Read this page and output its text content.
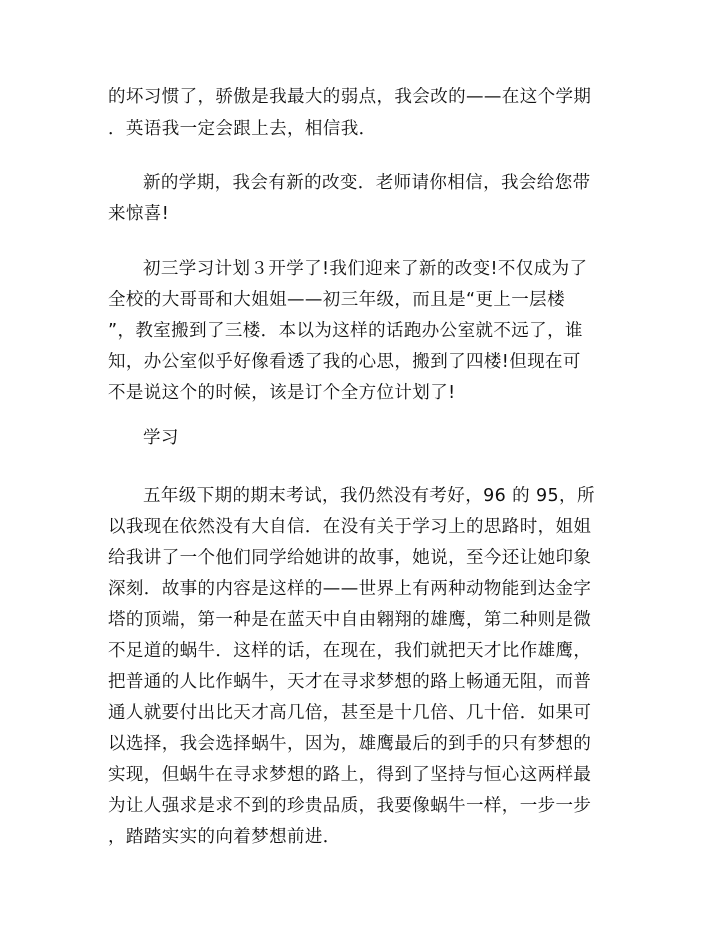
的坏习惯了，骄傲是我最大的弱点，我会改的——在这个学期
．英语我一定会跟上去，相信我．
新的学期，我会有新的改变．老师请你相信，我会给您带
来惊喜!
初三学习计划３开学了!我们迎来了新的改变!不仅成为了
全校的大哥哥和大姐姐——初三年级，而且是“更上一层楼
”，教室搬到了三楼．本以为这样的话跑办公室就不远了，谁
知，办公室似乎好像看透了我的心思，搬到了四楼!但现在可
不是说这个的时候，该是订个全方位计划了!
学习
五年级下期的期末考试，我仍然没有考好，96 的 95，所
以我现在依然没有大自信．在没有关于学习上的思路时，姐姐
给我讲了一个他们同学给她讲的故事，她说，至今还让她印象
深刻．故事的内容是这样的——世界上有两种动物能到达金字
塔的顶端，第一种是在蓝天中自由翱翔的雄鹰，第二种则是微
不足道的蜗牛．这样的话，在现在，我们就把天才比作雄鹰，
把普通的人比作蜗牛，天才在寻求梦想的路上畅通无阻，而普
通人就要付出比天才高几倍，甚至是十几倍、几十倍．如果可
以选择，我会选择蜗牛，因为，雄鹰最后的到手的只有梦想的
实现，但蜗牛在寻求梦想的路上，得到了坚持与恒心这两样最
为让人强求是求不到的珍贵品质，我要像蜗牛一样，一步一步
，踏踏实实的向着梦想前进．
